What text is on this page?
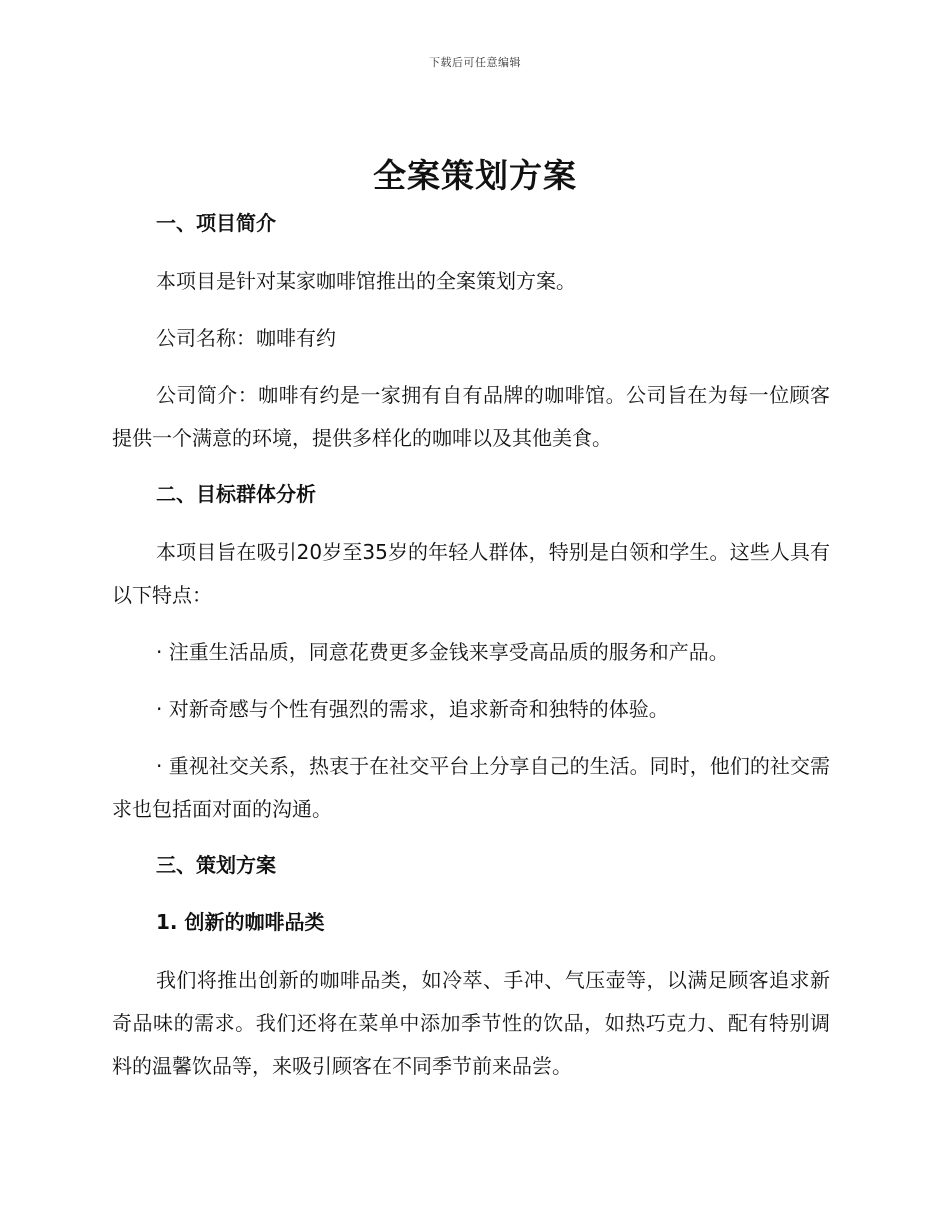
下载后可任意编辑
全案策划方案
一、项目简介

本项目是针对某家咖啡馆推出的全案策划方案。

公司名称：咖啡有约

公司简介：咖啡有约是一家拥有自有品牌的咖啡馆。公司旨在为每一位顾客提供一个满意的环境，提供多样化的咖啡以及其他美食。

二、目标群体分析

本项目旨在吸引20岁至35岁的年轻人群体，特别是白领和学生。这些人具有以下特点：

· 注重生活品质，同意花费更多金钱来享受高品质的服务和产品。

· 对新奇感与个性有强烈的需求，追求新奇和独特的体验。

· 重视社交关系，热衷于在社交平台上分享自己的生活。同时，他们的社交需求也包括面对面的沟通。

三、策划方案
1. 创新的咖啡品类

我们将推出创新的咖啡品类，如冷萃、手冲、气压壶等，以满足顾客追求新奇品味的需求。我们还将在菜单中添加季节性的饮品，如热巧克力、配有特别调料的温馨饮品等，来吸引顾客在不同季节前来品尝。
